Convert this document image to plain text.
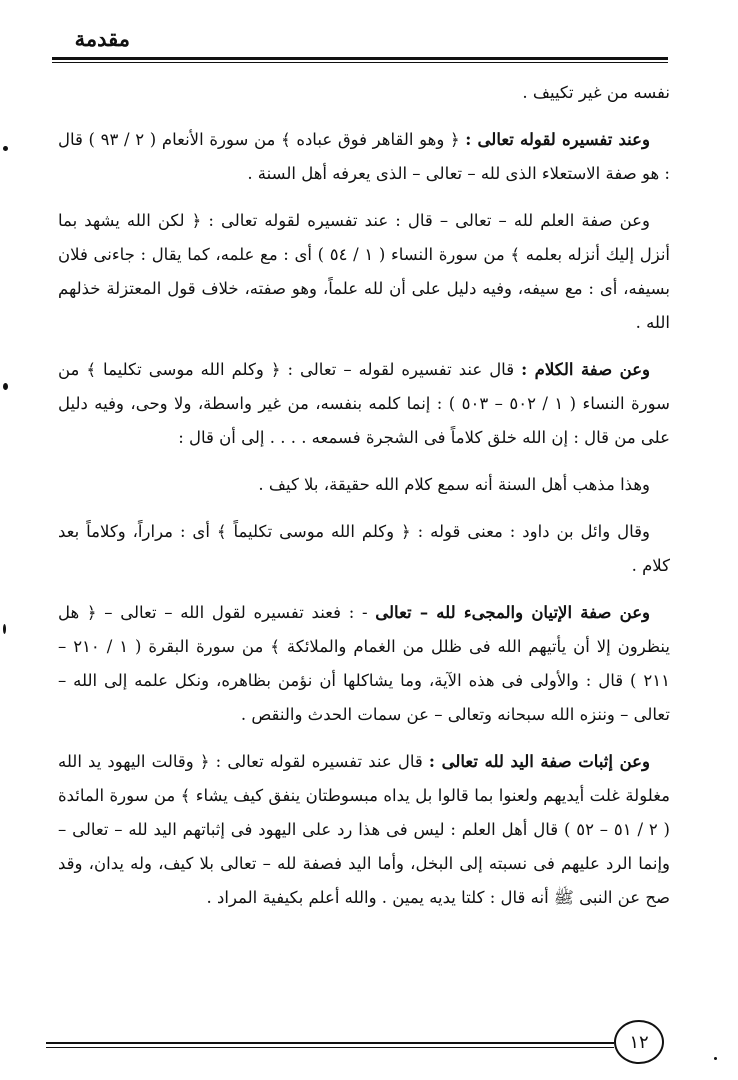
مقدمة

نفسه من غير تكييف .

وعند تفسيره لقوله تعالى : ﴿ وهو القاهر فوق عباده ﴾ من سورة الأنعام ( ٢ / ٩٣ ) قال : هو صفة الاستعلاء الذى لله – تعالى – الذى يعرفه أهل السنة .

وعن صفة العلم لله – تعالى – قال : عند تفسيره لقوله تعالى : ﴿ لكن الله يشهد بما أنزل إليك أنزله بعلمه ﴾ من سورة النساء ( ١ / ٥٤ ) أى : مع علمه، كما يقال : جاءنى فلان بسيفه، أى : مع سيفه، وفيه دليل على أن لله علماً، وهو صفته، خلاف قول المعتزلة خذلهم الله .

وعن صفة الكلام : قال عند تفسيره لقوله – تعالى : ﴿ وكلم الله موسى تكليما ﴾ من سورة النساء ( ١ / ٥٠٢ – ٥٠٣ ) : إنما كلمه بنفسه، من غير واسطة، ولا وحى، وفيه دليل على من قال : إن الله خلق كلاماً فى الشجرة فسمعه . . . . إلى أن قال :

وهذا مذهب أهل السنة أنه سمع كلام الله حقيقة، بلا كيف .

وقال وائل بن داود : معنى قوله : ﴿ وكلم الله موسى تكليماً ﴾ أى : مراراً، وكلاماً بعد كلام .

وعن صفة الإتيان والمجىء لله – تعالى - : فعند تفسيره لقول الله – تعالى – ﴿ هل ينظرون إلا أن يأتيهم الله فى ظلل من الغمام والملائكة ﴾ من سورة البقرة ( ١ / ٢١٠ – ٢١١ ) قال : والأولى فى هذه الآية، وما يشاكلها أن نؤمن بظاهره، ونكل علمه إلى الله – تعالى – وننزه الله سبحانه وتعالى – عن سمات الحدث والنقص .

وعن إثبات صفة اليد لله تعالى : قال عند تفسيره لقوله تعالى : ﴿ وقالت اليهود يد الله مغلولة غلت أيديهم ولعنوا بما قالوا بل يداه مبسوطتان ينفق كيف يشاء ﴾ من سورة المائدة ( ٢ / ٥١ – ٥٢ ) قال أهل العلم : ليس فى هذا رد على اليهود فى إثباتهم اليد لله – تعالى – وإنما الرد عليهم فى نسبته إلى البخل، وأما اليد فصفة لله – تعالى بلا كيف، وله يدان، وقد صح عن النبى ﷺ أنه قال : كلتا يديه يمين . والله أعلم بكيفية المراد .

١٢
